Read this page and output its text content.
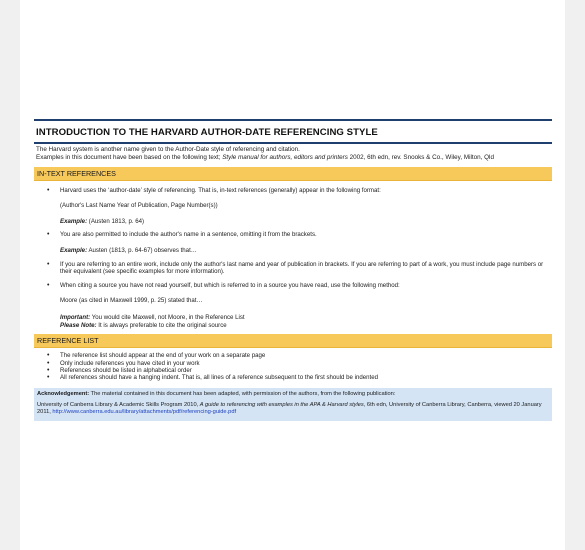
INTRODUCTION TO THE HARVARD AUTHOR-DATE REFERENCING STYLE
The Harvard system is another name given to the Author-Date style of referencing and citation.
Examples in this document have been based on the following text; Style manual for authors, editors and printers 2002, 6th edn, rev. Snooks & Co., Wiley, Milton, Qld
IN-TEXT REFERENCES
• Harvard uses the ‘author-date’ style of referencing. That is, in-text references (generally) appear in the following format:
(Author's Last Name Year of Publication, Page Number(s))
Example: (Austen 1813, p. 64)
• You are also permitted to include the author's name in a sentence, omitting it from the brackets.
Example: Austen (1813, p. 64-67) observes that…
• If you are referring to an entire work, include only the author's last name and year of publication in brackets. If you are referring to part of a work, you must include page numbers or their equivalent (see specific examples for more information).
• When citing a source you have not read yourself, but which is referred to in a source you have read, use the following method:
Moore (as cited in Maxwell 1999, p. 25) stated that…
Important: You would cite Maxwell, not Moore, in the Reference List
Please Note: It is always preferable to cite the original source
REFERENCE LIST
• The reference list should appear at the end of your work on a separate page
• Only include references you have cited in your work
• References should be listed in alphabetical order
• All references should have a hanging indent. That is, all lines of a reference subsequent to the first should be indented
Acknowledgement: The material contained in this document has been adapted, with permission of the authors, from the following publication:
University of Canberra Library & Academic Skills Program 2010, A guide to referencing with examples in the APA & Harvard styles, 6th edn, University of Canberra Library, Canberra, viewed 20 January 2011, http://www.canberra.edu.au/library/attachments/pdf/referencing-guide.pdf
